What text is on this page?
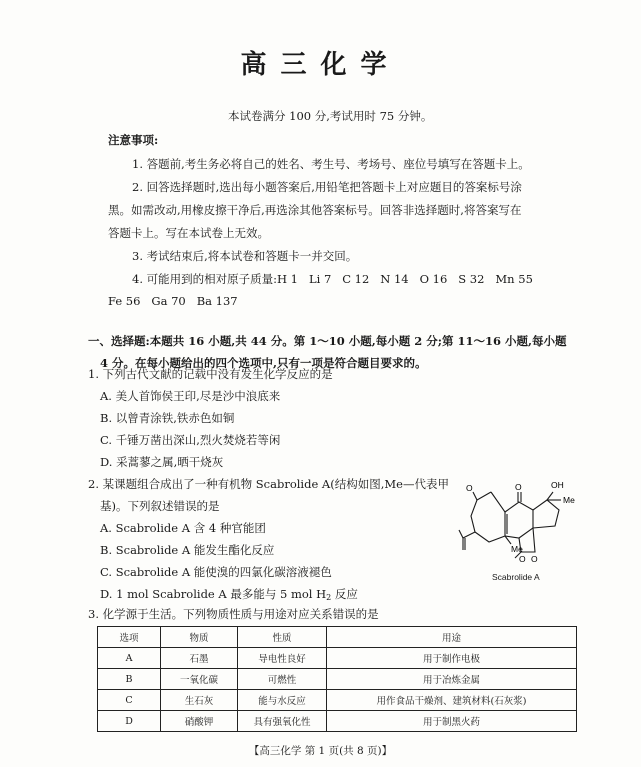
高三化学
本试卷满分 100 分,考试用时 75 分钟。
注意事项:
1. 答题前,考生务必将自己的姓名、考生号、考场号、座位号填写在答题卡上。
2. 回答选择题时,选出每小题答案后,用铅笔把答题卡上对应题目的答案标号涂
黑。如需改动,用橡皮擦干净后,再选涂其他答案标号。回答非选择题时,将答案写在
答题卡上。写在本试卷上无效。
3. 考试结束后,将本试卷和答题卡一并交回。
4. 可能用到的相对原子质量:H 1   Li 7   C 12   N 14   O 16   S 32   Mn 55
Fe 56   Ga 70   Ba 137
一、选择题:本题共 16 小题,共 44 分。第 1～10 小题,每小题 2 分;第 11～16 小题,每小题
4 分。在每小题给出的四个选项中,只有一项是符合题目要求的。
1. 下列古代文献的记载中没有发生化学反应的是
A. 美人首饰侯王印,尽是沙中浪底来
B. 以曾青涂铁,铁赤色如铜
C. 千锤万凿出深山,烈火焚烧若等闲
D. 采蒿蓼之属,晒干烧灰
2. 某课题组合成出了一种有机物 Scabrolide A(结构如图,Me—代表甲
基)。下列叙述错误的是
A. Scabrolide A 含 4 种官能团
B. Scabrolide A 能发生酯化反应
C. Scabrolide A 能使溴的四氯化碳溶液褪色
D. 1 mol Scabrolide A 最多能与 5 mol $H_2$ 反应
O	O	OH
Me
Me
O O
Scabrolide A
3. 化学源于生活。下列物质性质与用途对应关系错误的是
选项	物质	性质	用途
A	石墨	导电性良好	用于制作电极
B	一氧化碳	可燃性	用于冶炼金属
C	生石灰	能与水反应	用作食品干燥剂、建筑材料(石灰浆)
D	硝酸钾	具有强氧化性	用于制黑火药
【高三化学 第 1 页(共 8 页)】
